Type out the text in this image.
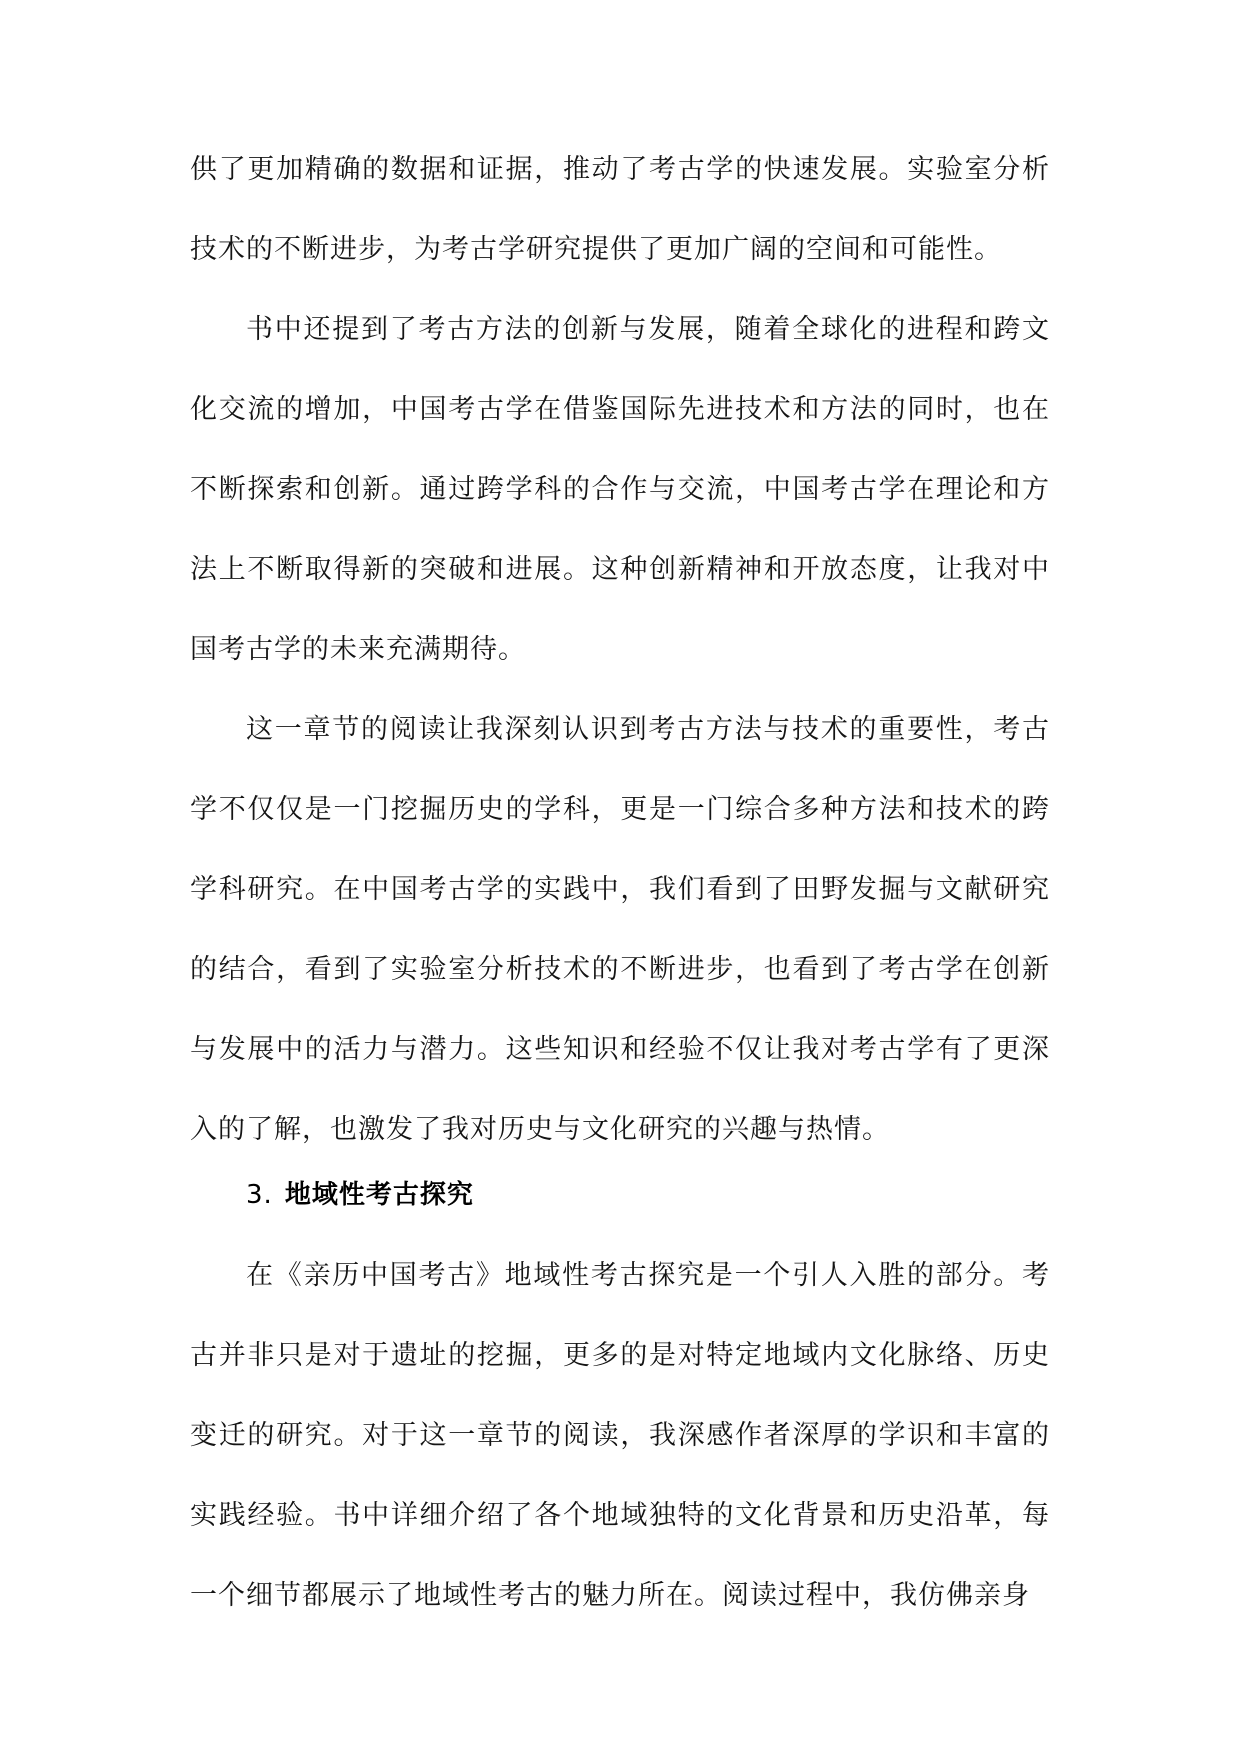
供了更加精确的数据和证据，推动了考古学的快速发展。实验室分析技术的不断进步，为考古学研究提供了更加广阔的空间和可能性。

书中还提到了考古方法的创新与发展，随着全球化的进程和跨文化交流的增加，中国考古学在借鉴国际先进技术和方法的同时，也在不断探索和创新。通过跨学科的合作与交流，中国考古学在理论和方法上不断取得新的突破和进展。这种创新精神和开放态度，让我对中国考古学的未来充满期待。

这一章节的阅读让我深刻认识到考古方法与技术的重要性，考古学不仅仅是一门挖掘历史的学科，更是一门综合多种方法和技术的跨学科研究。在中国考古学的实践中，我们看到了田野发掘与文献研究的结合，看到了实验室分析技术的不断进步，也看到了考古学在创新与发展中的活力与潜力。这些知识和经验不仅让我对考古学有了更深入的了解，也激发了我对历史与文化研究的兴趣与热情。

3. 地域性考古探究

在《亲历中国考古》地域性考古探究是一个引人入胜的部分。考古并非只是对于遗址的挖掘，更多的是对特定地域内文化脉络、历史变迁的研究。对于这一章节的阅读，我深感作者深厚的学识和丰富的实践经验。书中详细介绍了各个地域独特的文化背景和历史沿革，每一个细节都展示了地域性考古的魅力所在。阅读过程中，我仿佛亲身
